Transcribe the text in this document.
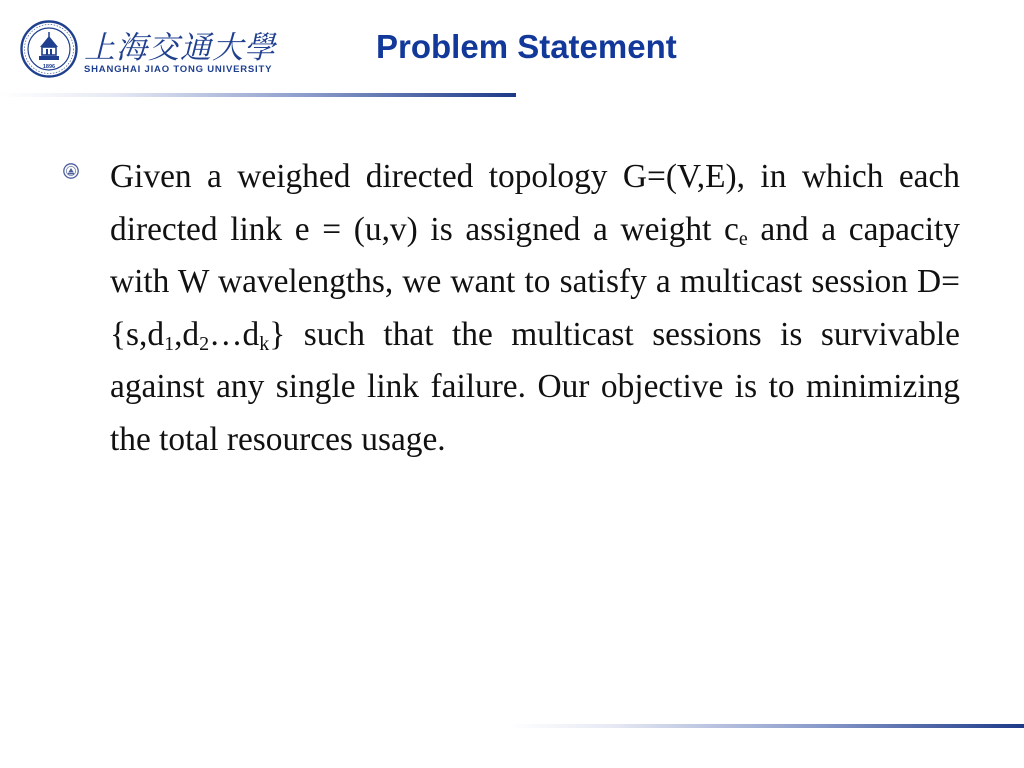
1896
上海交通大學
SHANGHAI JIAO TONG UNIVERSITY
Problem Statement

Given a weighed directed topology G=(V,E), in which each directed link e = (u,v) is assigned a weight $c_e$ and a capacity with W wavelengths, we want to satisfy a multicast session $D=\{s,d_1,d_2\dots d_k\}$ such that the multicast sessions is survivable against any single link failure. Our objective is to minimizing the total resources usage.
